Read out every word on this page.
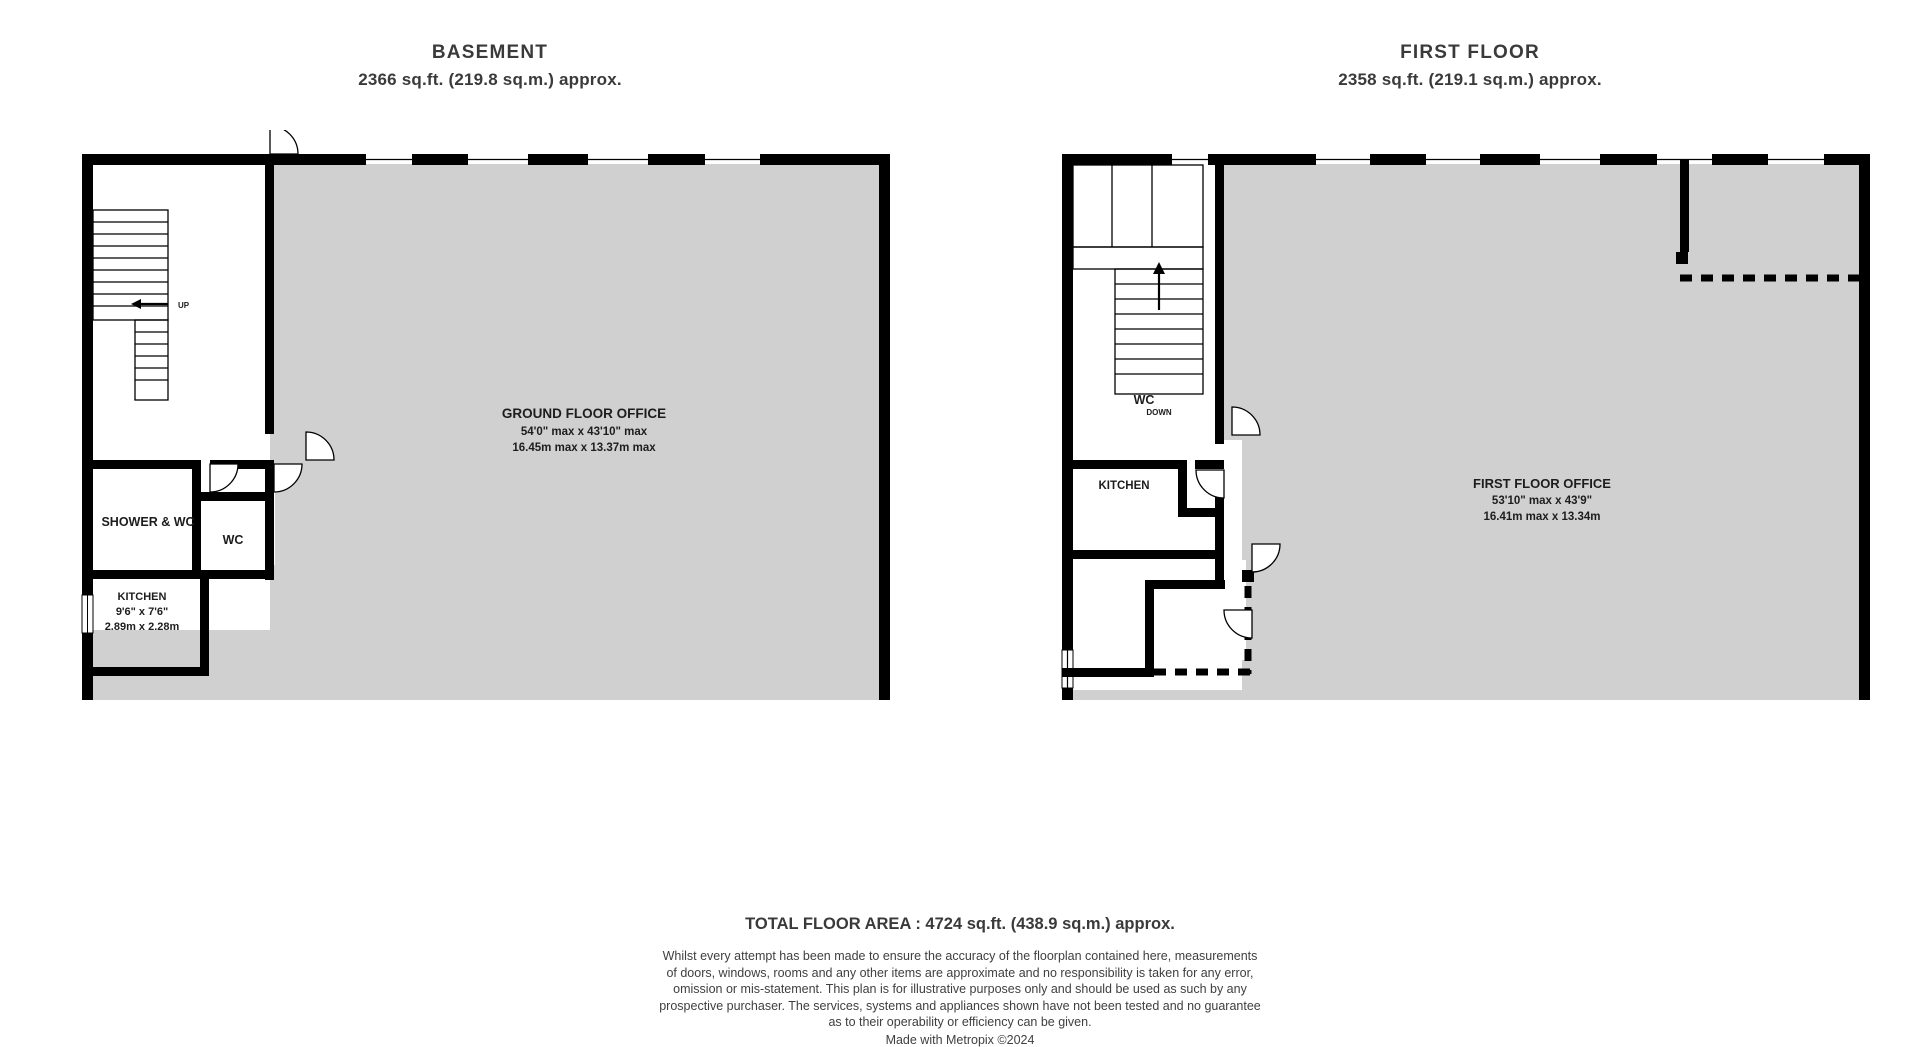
BASEMENT
2366 sq.ft. (219.8 sq.m.) approx.
FIRST FLOOR
2358 sq.ft. (219.1 sq.m.) approx.
UP
SHOWER & WC
WC
KITCHEN
9'6" x 7'6"
2.89m x 2.28m
GROUND FLOOR OFFICE
54'0" max x 43'10" max
16.45m max x 13.37m max
DOWN
WC
KITCHEN	FIRST FLOOR OFFICE
53'10" max x 43'9"
16.41m max x 13.34m
TOTAL FLOOR AREA : 4724 sq.ft. (438.9 sq.m.) approx.
Whilst every attempt has been made to ensure the accuracy of the floorplan contained here, measurements
of doors, windows, rooms and any other items are approximate and no responsibility is taken for any error,
omission or mis-statement. This plan is for illustrative purposes only and should be used as such by any
prospective purchaser. The services, systems and appliances shown have not been tested and no guarantee
as to their operability or efficiency can be given.
Made with Metropix ©2024
